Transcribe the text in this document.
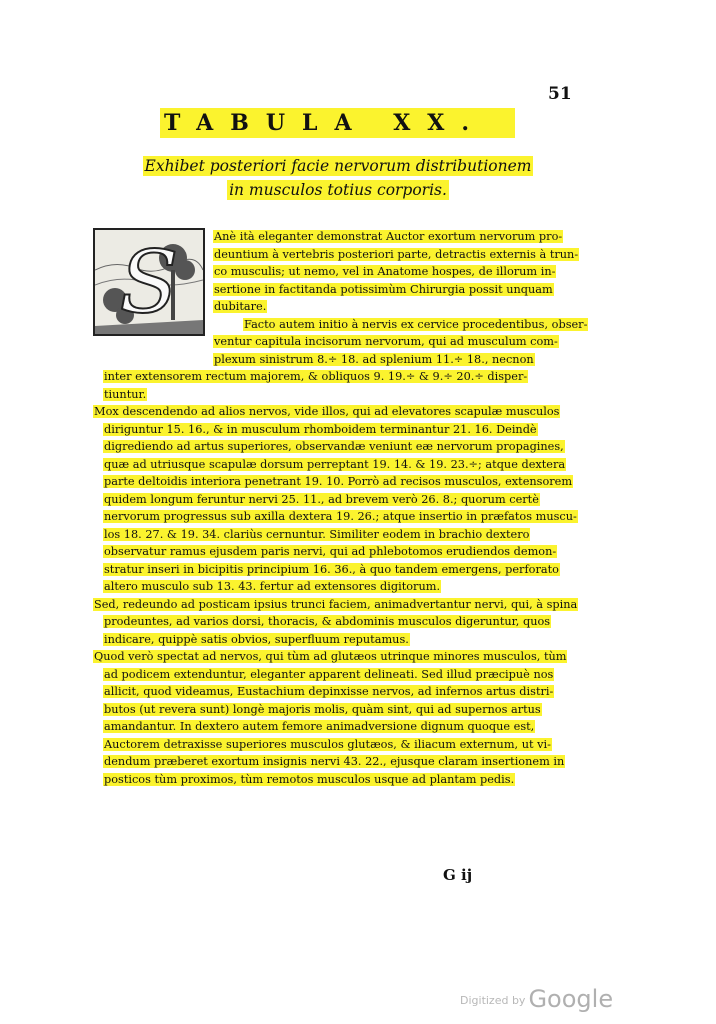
51
TABULA XX.
Exhibet posteriori facie nervorum distributionem
in musculos totius corporis.
S	Anè ità eleganter demonstrat Auctor exortum nervorum pro-
deuntium à vertebris posteriori parte, detractis externis à trun-
co musculis; ut nemo, vel in Anatome hospes, de illorum in-
sertione in factitanda potissimùm Chirurgia possit unquam
dubitare.
Facto autem initio à nervis ex cervice procedentibus, obser-
ventur capitula incisorum nervorum, qui ad musculum com-
plexum sinistrum 8.÷ 18. ad splenium 11.÷ 18., necnon
inter extensorem rectum majorem, & obliquos 9. 19.÷ & 9.÷ 20.÷ disper-
tiuntur.
Mox descendendo ad alios nervos, vide illos, qui ad elevatores scapulæ musculos
diriguntur 15. 16., & in musculum rhomboidem terminantur 21. 16. Deindè
digrediendo ad artus superiores, observandæ veniunt eæ nervorum propagines,
quæ ad utriusque scapulæ dorsum perreptant 19. 14. & 19. 23.÷; atque dextera
parte deltoidis interiora penetrant 19. 10. Porrò ad recisos musculos, extensorem
quidem longum feruntur nervi 25. 11., ad brevem verò 26. 8.; quorum certè
nervorum progressus sub axilla dextera 19. 26.; atque insertio in præfatos muscu-
los 18. 27. & 19. 34. clariùs cernuntur. Similiter eodem in brachio dextero
observatur ramus ejusdem paris nervi, qui ad phlebotomos erudiendos demon-
stratur inseri in bicipitis principium 16. 36., à quo tandem emergens, perforato
altero musculo sub 13. 43. fertur ad extensores digitorum.
Sed, redeundo ad posticam ipsius trunci faciem, animadvertantur nervi, qui, à spina
prodeuntes, ad varios dorsi, thoracis, & abdominis musculos digeruntur, quos
indicare, quippè satis obvios, superfluum reputamus.
Quod verò spectat ad nervos, qui tùm ad glutæos utrinque minores musculos, tùm
ad podicem extenduntur, eleganter apparent delineati. Sed illud præcipuè nos
allicit, quod videamus, Eustachium depinxisse nervos, ad infernos artus distri-
butos (ut revera sunt) longè majoris molis, quàm sint, qui ad supernos artus
amandantur. In dextero autem femore animadversione dignum quoque est,
Auctorem detraxisse superiores musculos glutæos, & iliacum externum, ut vi-
dendum præberet exortum insignis nervi 43. 22., ejusque claram insertionem in
posticos tùm proximos, tùm remotos musculos usque ad plantam pedis.
G ij
Digitized by Google
